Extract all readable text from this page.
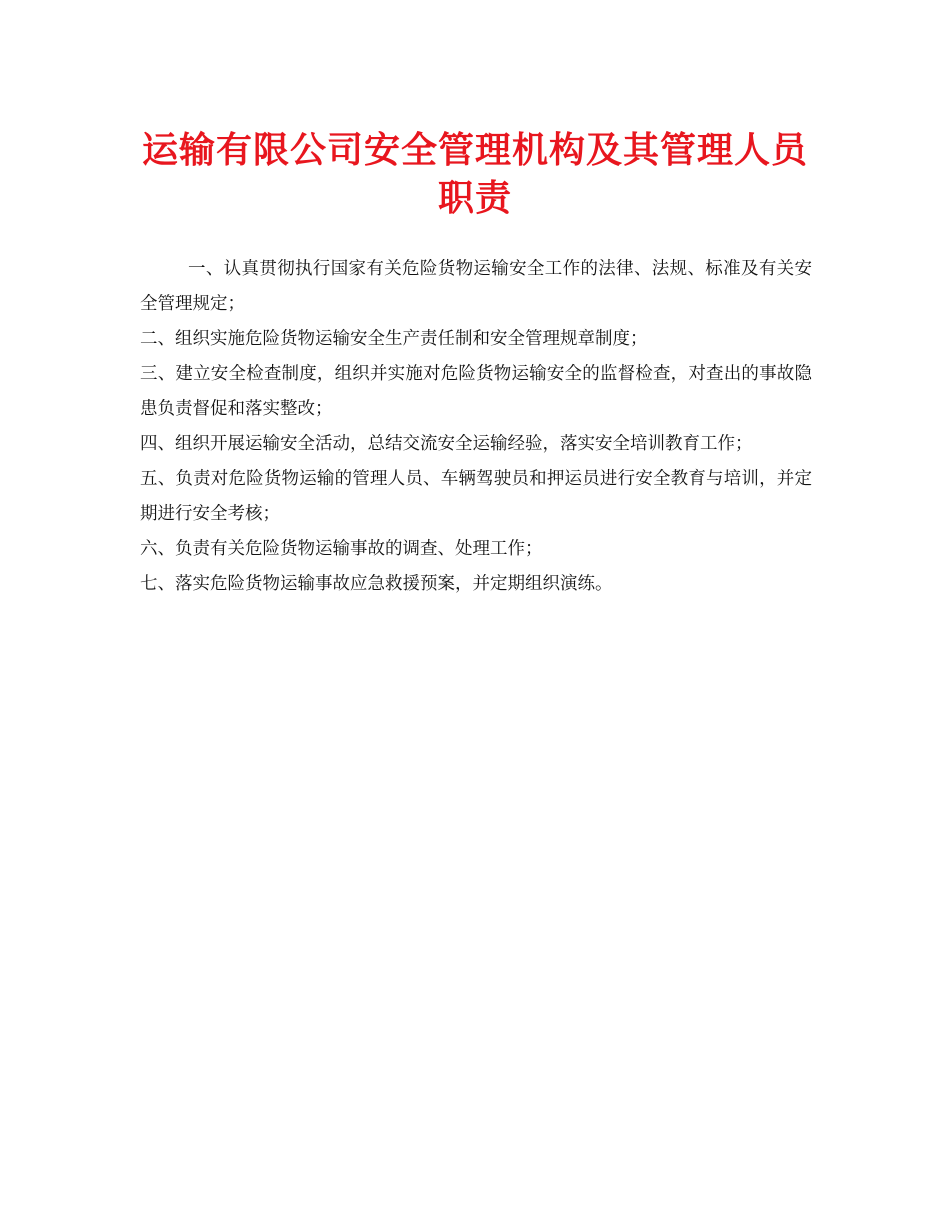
运输有限公司安全管理机构及其管理人员职责

一、认真贯彻执行国家有关危险货物运输安全工作的法律、法规、标准及有关安全管理规定；

二、组织实施危险货物运输安全生产责任制和安全管理规章制度；

三、建立安全检查制度，组织并实施对危险货物运输安全的监督检查，对查出的事故隐患负责督促和落实整改；

四、组织开展运输安全活动，总结交流安全运输经验，落实安全培训教育工作；

五、负责对危险货物运输的管理人员、车辆驾驶员和押运员进行安全教育与培训，并定期进行安全考核；

六、负责有关危险货物运输事故的调查、处理工作；

七、落实危险货物运输事故应急救援预案，并定期组织演练。
